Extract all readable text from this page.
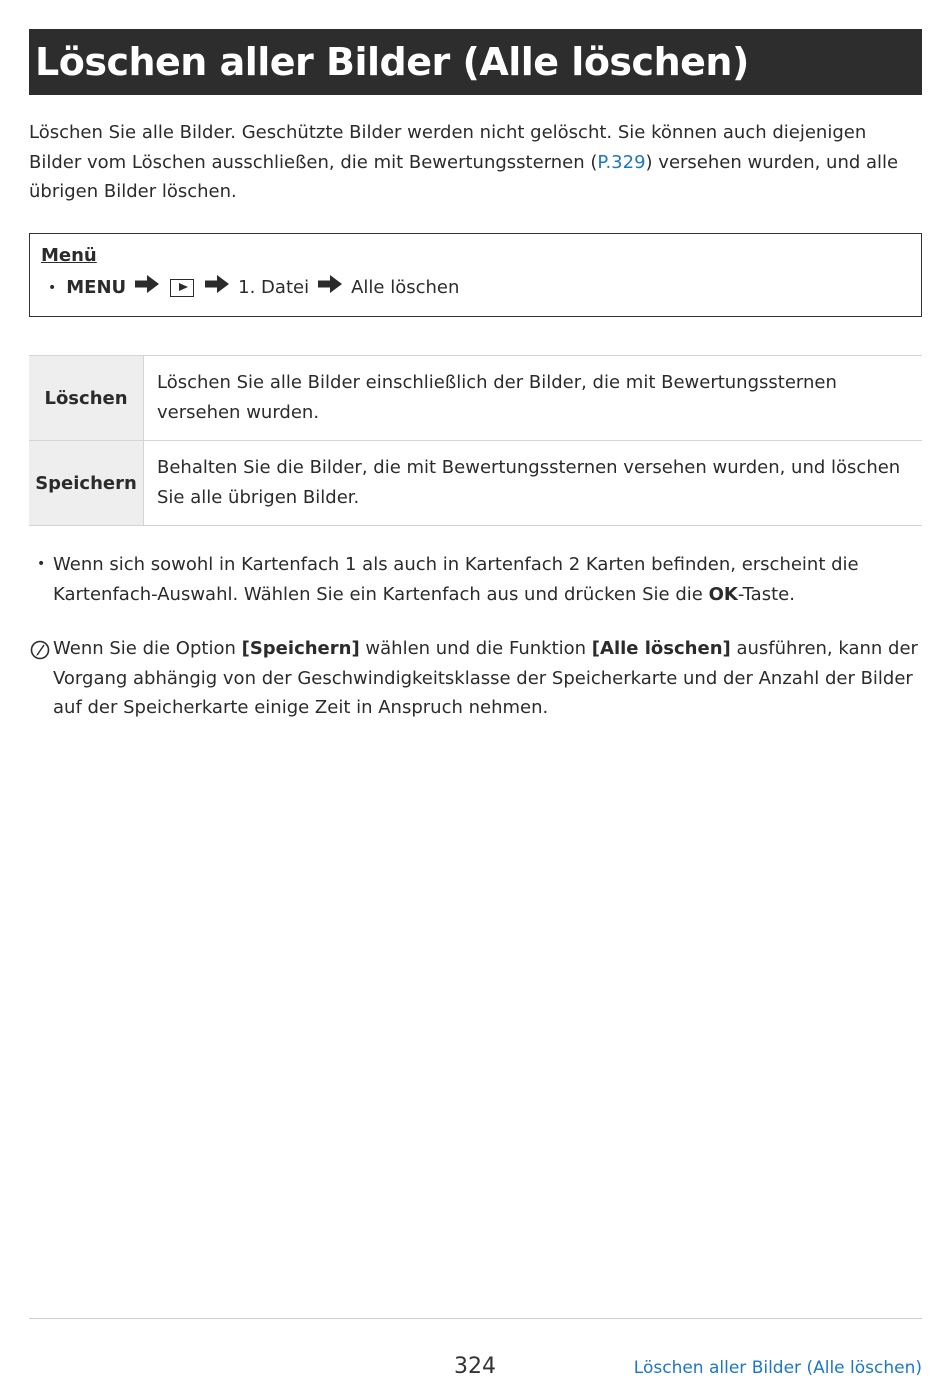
Löschen aller Bilder (Alle löschen)

Löschen Sie alle Bilder. Geschützte Bilder werden nicht gelöscht. Sie können auch diejenigen Bilder vom Löschen ausschließen, die mit Bewertungssternen (P.329) versehen wurden, und alle übrigen Bilder löschen.

Menü
• MENU	1. Datei Alle löschen
Löschen	Löschen Sie alle Bilder einschließlich der Bilder, die mit Bewertungssternen versehen wurden.
Speichern	Behalten Sie die Bilder, die mit Bewertungssternen versehen wurden, und löschen Sie alle übrigen Bilder.

• Wenn sich sowohl in Kartenfach 1 als auch in Kartenfach 2 Karten befinden, erscheint die Kartenfach-Auswahl. Wählen Sie ein Kartenfach aus und drücken Sie die OK-Taste.

Wenn Sie die Option [Speichern] wählen und die Funktion [Alle löschen] ausführen, kann der Vorgang abhängig von der Geschwindigkeitsklasse der Speicherkarte und der Anzahl der Bilder auf der Speicherkarte einige Zeit in Anspruch nehmen.

324	Löschen aller Bilder (Alle löschen)
